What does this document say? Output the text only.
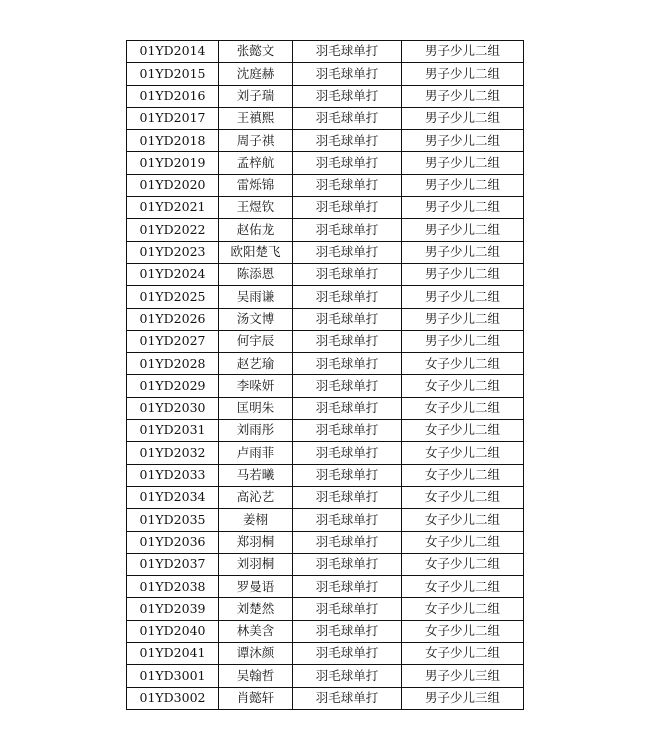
01YD2014	张懿文	羽毛球单打	男子少儿二组
01YD2015	沈庭赫	羽毛球单打	男子少儿二组
01YD2016	刘子瑞	羽毛球单打	男子少儿二组
01YD2017	王禛熙	羽毛球单打	男子少儿二组
01YD2018	周子祺	羽毛球单打	男子少儿二组
01YD2019	孟梓航	羽毛球单打	男子少儿二组
01YD2020	雷烁锦	羽毛球单打	男子少儿二组
01YD2021	王煜钦	羽毛球单打	男子少儿二组
01YD2022	赵佑龙	羽毛球单打	男子少儿二组
01YD2023	欧阳楚飞	羽毛球单打	男子少儿二组
01YD2024	陈添恩	羽毛球单打	男子少儿二组
01YD2025	吴雨谦	羽毛球单打	男子少儿二组
01YD2026	汤文博	羽毛球单打	男子少儿二组
01YD2027	何宇辰	羽毛球单打	男子少儿二组
01YD2028	赵艺瑜	羽毛球单打	女子少儿二组
01YD2029	李哚妍	羽毛球单打	女子少儿二组
01YD2030	匡明朱	羽毛球单打	女子少儿二组
01YD2031	刘雨彤	羽毛球单打	女子少儿二组
01YD2032	卢雨菲	羽毛球单打	女子少儿二组
01YD2033	马若曦	羽毛球单打	女子少儿二组
01YD2034	高沁艺	羽毛球单打	女子少儿二组
01YD2035	姜栩	羽毛球单打	女子少儿二组
01YD2036	郑羽桐	羽毛球单打	女子少儿二组
01YD2037	刘羽桐	羽毛球单打	女子少儿二组
01YD2038	罗曼语	羽毛球单打	女子少儿二组
01YD2039	刘楚然	羽毛球单打	女子少儿二组
01YD2040	林美含	羽毛球单打	女子少儿二组
01YD2041	谭沐颜	羽毛球单打	女子少儿二组
01YD3001	吴翰哲	羽毛球单打	男子少儿三组
01YD3002	肖懿轩	羽毛球单打	男子少儿三组
